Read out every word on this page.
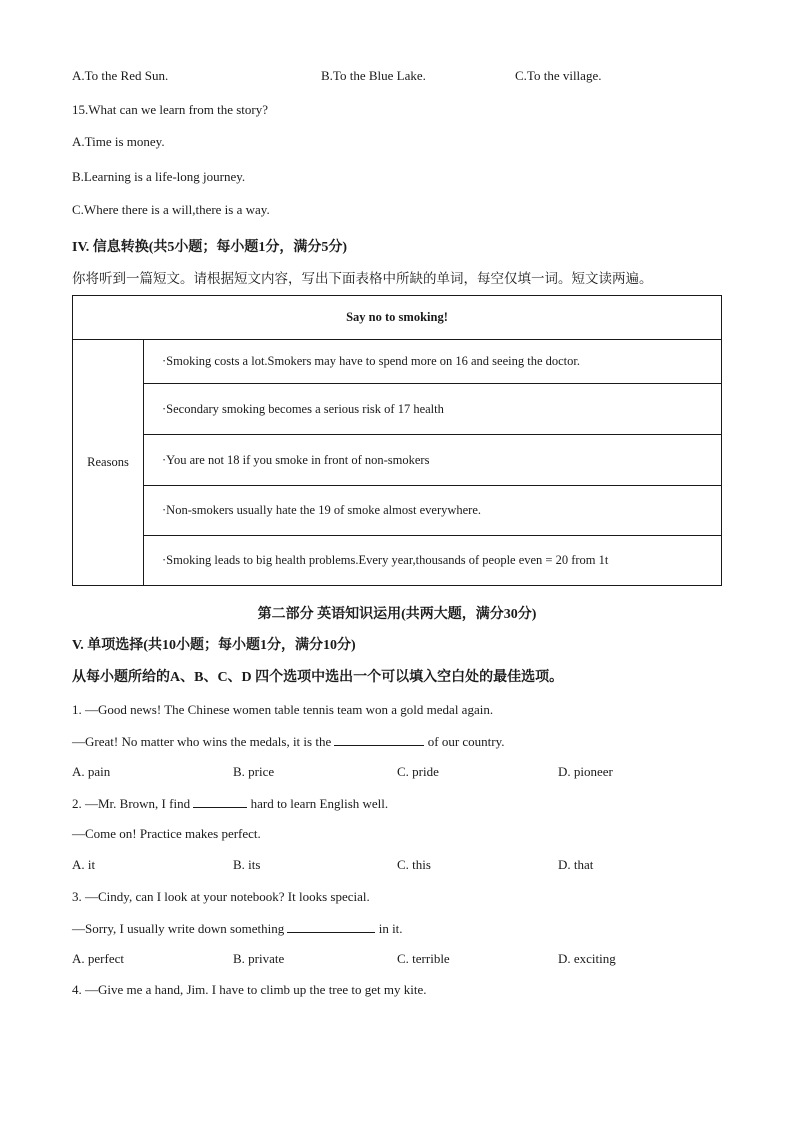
A.To the Red Sun.	B.To the Blue Lake.	C.To the village.
15.What can we learn from the story?
A.Time is money.
B.Learning is a life-long journey.
C.Where there is a will,there is a way.
IV. 信息转换(共5小题；每小题1分，满分5分)
你将听到一篇短文。请根据短文内容，写出下面表格中所缺的单词，每空仅填一词。短文读两遍。
Say no to smoking!
Reasons	·Smoking costs a lot.Smokers may have to spend more on 16 and seeing the doctor.
·Secondary smoking becomes a serious risk of 17 health
·You are not 18 if you smoke in front of non-smokers
·Non-smokers usually hate the 19 of smoke almost everywhere.
·Smoking leads to big health problems.Every year,thousands of people even = 20 from 1t
第二部分 英语知识运用(共两大题，满分30分)
V. 单项选择(共10小题；每小题1分，满分10分)
从每小题所给的A、B、C、D 四个选项中选出一个可以填入空白处的最佳选项。
1. —Good news! The Chinese women table tennis team won a gold medal again.
—Great! No matter who wins the medals, it is the	of our country.
A. pain	B. price	C. pride	D. pioneer
2. —Mr. Brown, I find	hard to learn English well.
—Come on! Practice makes perfect.
A. it	B. its	C. this	D. that
3. —Cindy, can I look at your notebook? It looks special.
—Sorry, I usually write down something	in it.
A. perfect	B. private	C. terrible	D. exciting
4. —Give me a hand, Jim. I have to climb up the tree to get my kite.
